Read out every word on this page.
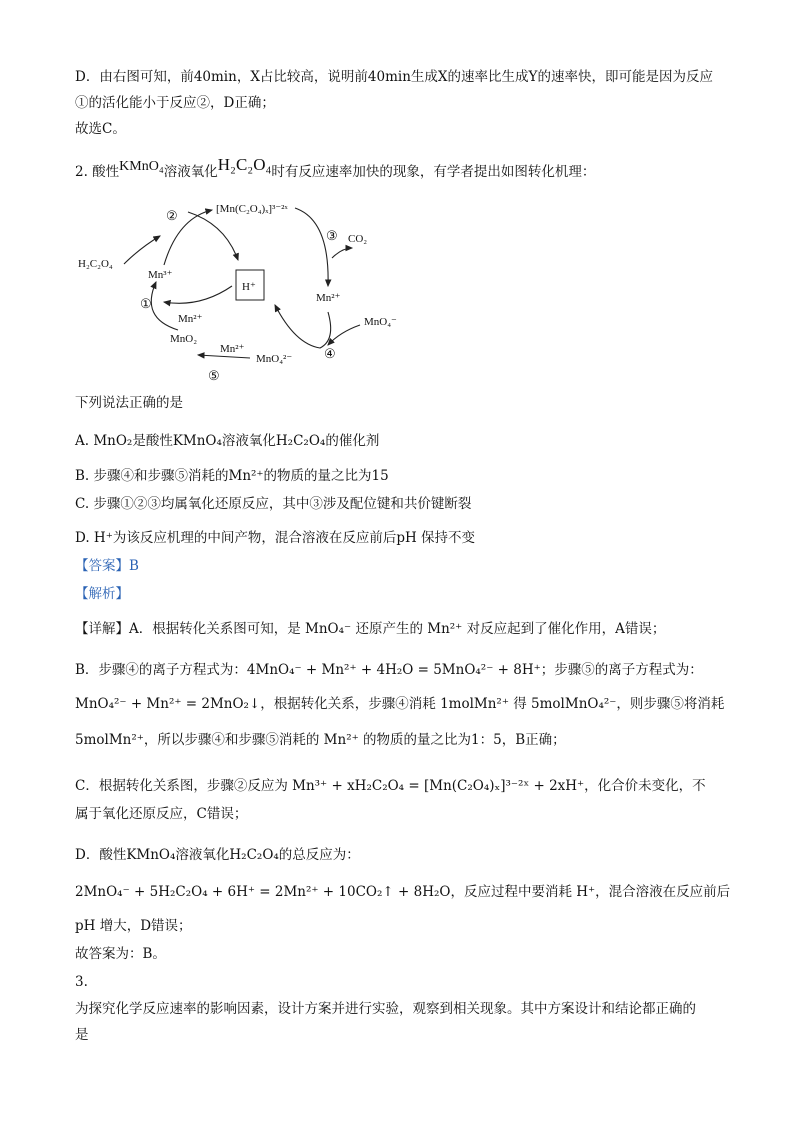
D．由右图可知，前40min，X占比较高，说明前40min生成X的速率比生成Y的速率快，即可能是因为反应
①的活化能小于反应②，D正确；
故选C。
2. 酸性KMnO₄溶液氧化H₂C₂O₄时有反应速率加快的现象，有学者提出如图转化机理：
H₂C₂O₄
②	[Mn(C₂O₄)ₓ]³⁻²ˣ
Mn³⁺
H⁺
③ CO₂
Mn²⁺
MnO₄⁻
④
MnO₄²⁻
Mn²⁺
⑤
MnO₂
①
Mn²⁺
下列说法正确的是
A. MnO₂是酸性KMnO₄溶液氧化H₂C₂O₄的催化剂
B. 步骤④和步骤⑤消耗的Mn²⁺的物质的量之比为15
C. 步骤①②③均属氧化还原反应，其中③涉及配位键和共价键断裂
D. H⁺为该反应机理的中间产物，混合溶液在反应前后pH 保持不变
【答案】B
【解析】
【详解】A．根据转化关系图可知，是 MnO₄⁻ 还原产生的 Mn²⁺ 对反应起到了催化作用，A错误；
B．步骤④的离子方程式为：4MnO₄⁻ + Mn²⁺ + 4H₂O = 5MnO₄²⁻ + 8H⁺；步骤⑤的离子方程式为：
MnO₄²⁻ + Mn²⁺ = 2MnO₂↓，根据转化关系，步骤④消耗 1molMn²⁺ 得 5molMnO₄²⁻，则步骤⑤将消耗
5molMn²⁺，所以步骤④和步骤⑤消耗的 Mn²⁺ 的物质的量之比为1：5，B正确；
C．根据转化关系图，步骤②反应为 Mn³⁺ + xH₂C₂O₄ = [Mn(C₂O₄)ₓ]³⁻²ˣ + 2xH⁺，化合价未变化，不
属于氧化还原反应，C错误；
D．酸性KMnO₄溶液氧化H₂C₂O₄的总反应为：
2MnO₄⁻ + 5H₂C₂O₄ + 6H⁺ = 2Mn²⁺ + 10CO₂↑ + 8H₂O，反应过程中要消耗 H⁺，混合溶液在反应前后
pH 增大，D错误；
故答案为：B。
3.
为探究化学反应速率的影响因素，设计方案并进行实验，观察到相关现象。其中方案设计和结论都正确的
是
